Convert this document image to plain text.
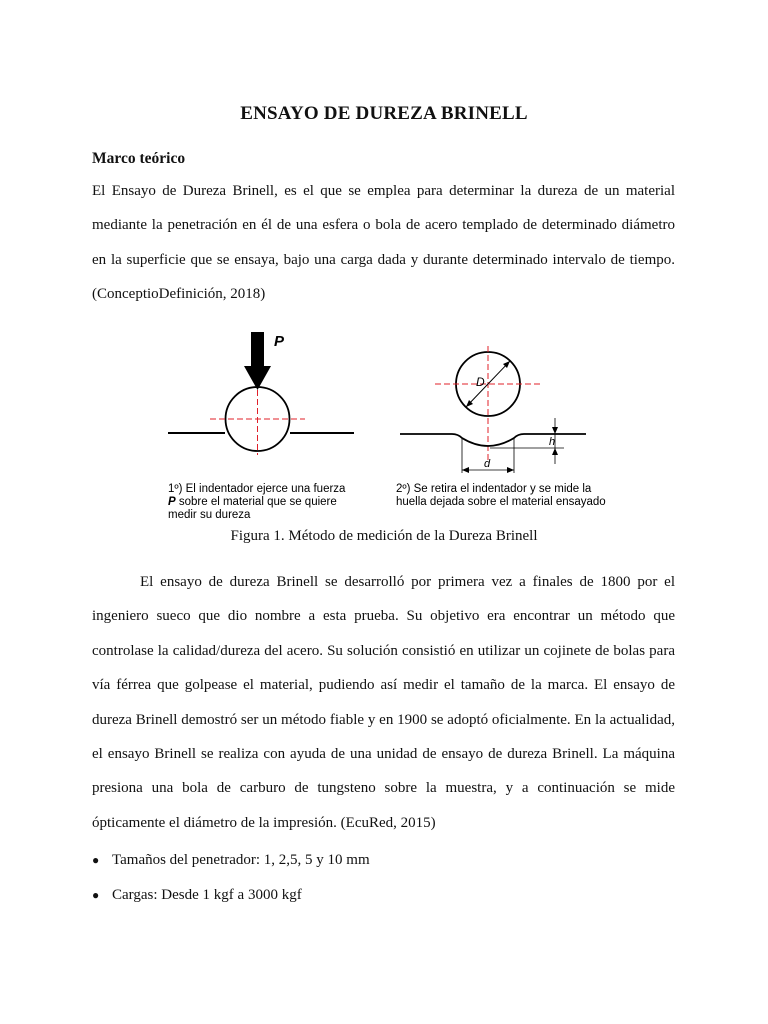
ENSAYO DE DUREZA BRINELL
Marco teórico

El Ensayo de Dureza Brinell, es el que se emplea para determinar la dureza de un material mediante la penetración en él de una esfera o bola de acero templado de determinado diámetro en la superficie que se ensaya, bajo una carga dada y durante determinado intervalo de tiempo. (ConceptioDefinición, 2018)

P
1º) El indentador ejerce una fuerza
P sobre el material que se quiere
medir su dureza
D
h
d
2º) Se retira el indentador y se mide la
huella dejada sobre el material ensayado
Figura 1. Método de medición de la Dureza Brinell

El ensayo de dureza Brinell se desarrolló por primera vez a finales de 1800 por el ingeniero sueco que dio nombre a esta prueba. Su objetivo era encontrar un método que controlase la calidad/dureza del acero. Su solución consistió en utilizar un cojinete de bolas para vía férrea que golpease el material, pudiendo así medir el tamaño de la marca. El ensayo de dureza Brinell demostró ser un método fiable y en 1900 se adoptó oficialmente. En la actualidad, el ensayo Brinell se realiza con ayuda de una unidad de ensayo de dureza Brinell. La máquina presiona una bola de carburo de tungsteno sobre la muestra, y a continuación se mide ópticamente el diámetro de la impresión. (EcuRed, 2015)

● Tamaños del penetrador: 1, 2,5, 5 y 10 mm
● Cargas: Desde 1 kgf a 3000 kgf
